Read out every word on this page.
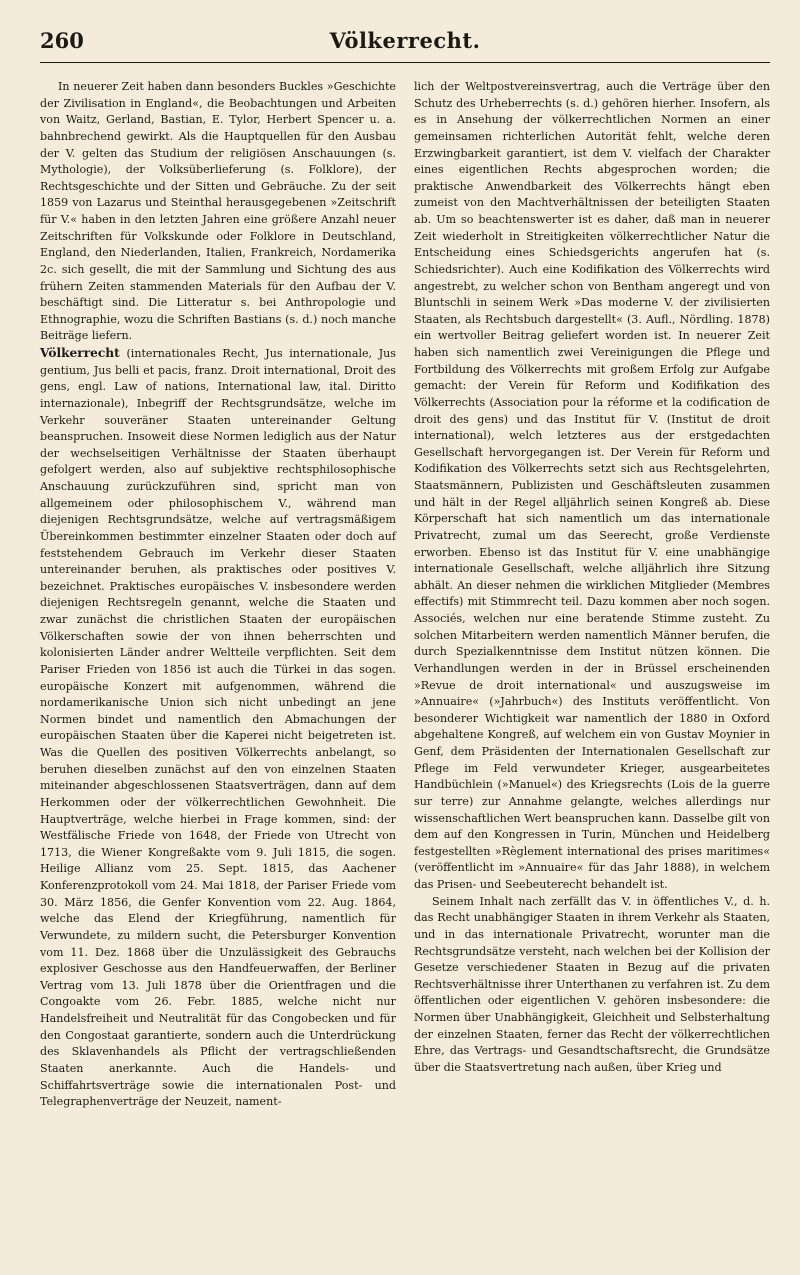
260	Völkerrecht.

In neuerer Zeit haben dann besonders Buckles »Geschichte der Zivilisation in England«, die Beobachtungen und Arbeiten von Waitz, Gerland, Bastian, E. Tylor, Herbert Spencer u. a. bahnbrechend gewirkt. Als die Hauptquellen für den Ausbau der V. gelten das Studium der religiösen Anschauungen (s. Mythologie), der Volksüberlieferung (s. Folklore), der Rechtsgeschichte und der Sitten und Gebräuche. Zu der seit 1859 von Lazarus und Steinthal herausgegebenen »Zeitschrift für V.« haben in den letzten Jahren eine größere Anzahl neuer Zeitschriften für Volkskunde oder Folklore in Deutschland, England, den Niederlanden, Italien, Frankreich, Nordamerika 2c. sich gesellt, die mit der Sammlung und Sichtung des aus frühern Zeiten stammenden Materials für den Aufbau der V. beschäftigt sind. Die Litteratur s. bei Anthropologie und Ethnographie, wozu die Schriften Bastians (s. d.) noch manche Beiträge liefern.

Völkerrecht (internationales Recht, Jus internationale, Jus gentium, Jus belli et pacis, franz. Droit international, Droit des gens, engl. Law of nations, International law, ital. Diritto internazionale), Inbegriff der Rechtsgrundsätze, welche im Verkehr souveräner Staaten untereinander Geltung beanspruchen. Insoweit diese Normen lediglich aus der Natur der wechselseitigen Verhältnisse der Staaten überhaupt gefolgert werden, also auf subjektive rechtsphilosophische Anschauung zurückzuführen sind, spricht man von allgemeinem oder philosophischem V., während man diejenigen Rechtsgrundsätze, welche auf vertragsmäßigem Übereinkommen bestimmter einzelner Staaten oder doch auf feststehendem Gebrauch im Verkehr dieser Staaten untereinander beruhen, als praktisches oder positives V. bezeichnet. Praktisches europäisches V. insbesondere werden diejenigen Rechtsregeln genannt, welche die Staaten und zwar zunächst die christlichen Staaten der europäischen Völkerschaften sowie der von ihnen beherrschten und kolonisierten Länder andrer Weltteile verpflichten. Seit dem Pariser Frieden von 1856 ist auch die Türkei in das sogen. europäische Konzert mit aufgenommen, während die nordamerikanische Union sich nicht unbedingt an jene Normen bindet und namentlich den Abmachungen der europäischen Staaten über die Kaperei nicht beigetreten ist. Was die Quellen des positiven Völkerrechts anbelangt, so beruhen dieselben zunächst auf den von einzelnen Staaten miteinander abgeschlossenen Staatsverträgen, dann auf dem Herkommen oder der völkerrechtlichen Gewohnheit. Die Hauptverträge, welche hierbei in Frage kommen, sind: der Westfälische Friede von 1648, der Friede von Utrecht von 1713, die Wiener Kongreßakte vom 9. Juli 1815, die sogen. Heilige Allianz vom 25. Sept. 1815, das Aachener Konferenzprotokoll vom 24. Mai 1818, der Pariser Friede vom 30. März 1856, die Genfer Konvention vom 22. Aug. 1864, welche das Elend der Kriegführung, namentlich für Verwundete, zu mildern sucht, die Petersburger Konvention vom 11. Dez. 1868 über die Unzulässigkeit des Gebrauchs explosiver Geschosse aus den Handfeuerwaffen, der Berliner Vertrag vom 13. Juli 1878 über die Orientfragen und die Congoakte vom 26. Febr. 1885, welche nicht nur Handelsfreiheit und Neutralität für das Congobecken und für den Congostaat garantierte, sondern auch die Unterdrückung des Sklavenhandels als Pflicht der vertragschließenden Staaten anerkannte. Auch die Handels- und Schiffahrtsverträge sowie die internationalen Post- und Telegraphenverträge der Neuzeit, nament-

lich der Weltpostvereinsvertrag, auch die Verträge über den Schutz des Urheberrechts (s. d.) gehören hierher. Insofern, als es in Ansehung der völkerrechtlichen Normen an einer gemeinsamen richterlichen Autorität fehlt, welche deren Erzwingbarkeit garantiert, ist dem V. vielfach der Charakter eines eigentlichen Rechts abgesprochen worden; die praktische Anwendbarkeit des Völkerrechts hängt eben zumeist von den Machtverhältnissen der beteiligten Staaten ab. Um so beachtenswerter ist es daher, daß man in neuerer Zeit wiederholt in Streitigkeiten völkerrechtlicher Natur die Entscheidung eines Schiedsgerichts angerufen hat (s. Schiedsrichter). Auch eine Kodifikation des Völkerrechts wird angestrebt, zu welcher schon von Bentham angeregt und von Bluntschli in seinem Werk »Das moderne V. der zivilisierten Staaten, als Rechtsbuch dargestellt« (3. Aufl., Nördling. 1878) ein wertvoller Beitrag geliefert worden ist. In neuerer Zeit haben sich namentlich zwei Vereinigungen die Pflege und Fortbildung des Völkerrechts mit großem Erfolg zur Aufgabe gemacht: der Verein für Reform und Kodifikation des Völkerrechts (Association pour la réforme et la codification de droit des gens) und das Institut für V. (Institut de droit international), welch letzteres aus der erstgedachten Gesellschaft hervorgegangen ist. Der Verein für Reform und Kodifikation des Völkerrechts setzt sich aus Rechtsgelehrten, Staatsmännern, Publizisten und Geschäftsleuten zusammen und hält in der Regel alljährlich seinen Kongreß ab. Diese Körperschaft hat sich namentlich um das internationale Privatrecht, zumal um das Seerecht, große Verdienste erworben. Ebenso ist das Institut für V. eine unabhängige internationale Gesellschaft, welche alljährlich ihre Sitzung abhält. An dieser nehmen die wirklichen Mitglieder (Membres effectifs) mit Stimmrecht teil. Dazu kommen aber noch sogen. Associés, welchen nur eine beratende Stimme zusteht. Zu solchen Mitarbeitern werden namentlich Männer berufen, die durch Spezialkenntnisse dem Institut nützen können. Die Verhandlungen werden in der in Brüssel erscheinenden »Revue de droit international« und auszugsweise im »Annuaire« (»Jahrbuch«) des Instituts veröffentlicht. Von besonderer Wichtigkeit war namentlich der 1880 in Oxford abgehaltene Kongreß, auf welchem ein von Gustav Moynier in Genf, dem Präsidenten der Internationalen Gesellschaft zur Pflege im Feld verwundeter Krieger, ausgearbeitetes Handbüchlein (»Manuel«) des Kriegsrechts (Lois de la guerre sur terre) zur Annahme gelangte, welches allerdings nur wissenschaftlichen Wert beanspruchen kann. Dasselbe gilt von dem auf den Kongressen in Turin, München und Heidelberg festgestellten »Règlement international des prises maritimes« (veröffentlicht im »Annuaire« für das Jahr 1888), in welchem das Prisen- und Seebeuterecht behandelt ist.

Seinem Inhalt nach zerfällt das V. in öffentliches V., d. h. das Recht unabhängiger Staaten in ihrem Verkehr als Staaten, und in das internationale Privatrecht, worunter man die Rechtsgrundsätze versteht, nach welchen bei der Kollision der Gesetze verschiedener Staaten in Bezug auf die privaten Rechtsverhältnisse ihrer Unterthanen zu verfahren ist. Zu dem öffentlichen oder eigentlichen V. gehören insbesondere: die Normen über Unabhängigkeit, Gleichheit und Selbsterhaltung der einzelnen Staaten, ferner das Recht der völkerrechtlichen Ehre, das Vertrags- und Gesandtschaftsrecht, die Grundsätze über die Staatsvertretung nach außen, über Krieg und
